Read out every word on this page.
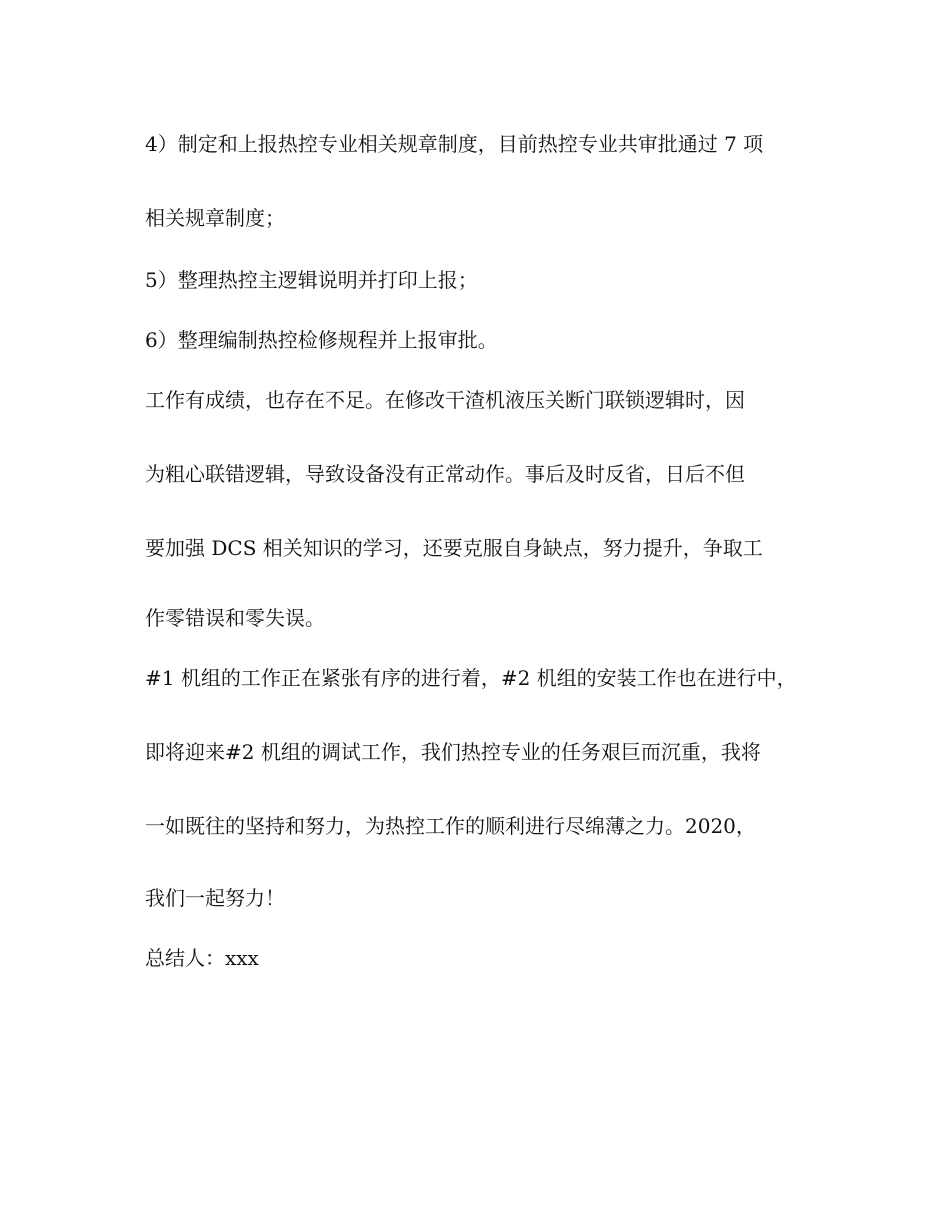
4）制定和上报热控专业相关规章制度，目前热控专业共审批通过 7 项
相关规章制度；
5）整理热控主逻辑说明并打印上报；
6）整理编制热控检修规程并上报审批。
工作有成绩，也存在不足。在修改干渣机液压关断门联锁逻辑时，因
为粗心联错逻辑，导致设备没有正常动作。事后及时反省，日后不但
要加强 DCS 相关知识的学习，还要克服自身缺点，努力提升，争取工
作零错误和零失误。
#1 机组的工作正在紧张有序的进行着，#2 机组的安装工作也在进行中，
即将迎来#2 机组的调试工作，我们热控专业的任务艰巨而沉重，我将
一如既往的坚持和努力，为热控工作的顺利进行尽绵薄之力。2020，
我们一起努力！
总结人：xxx
